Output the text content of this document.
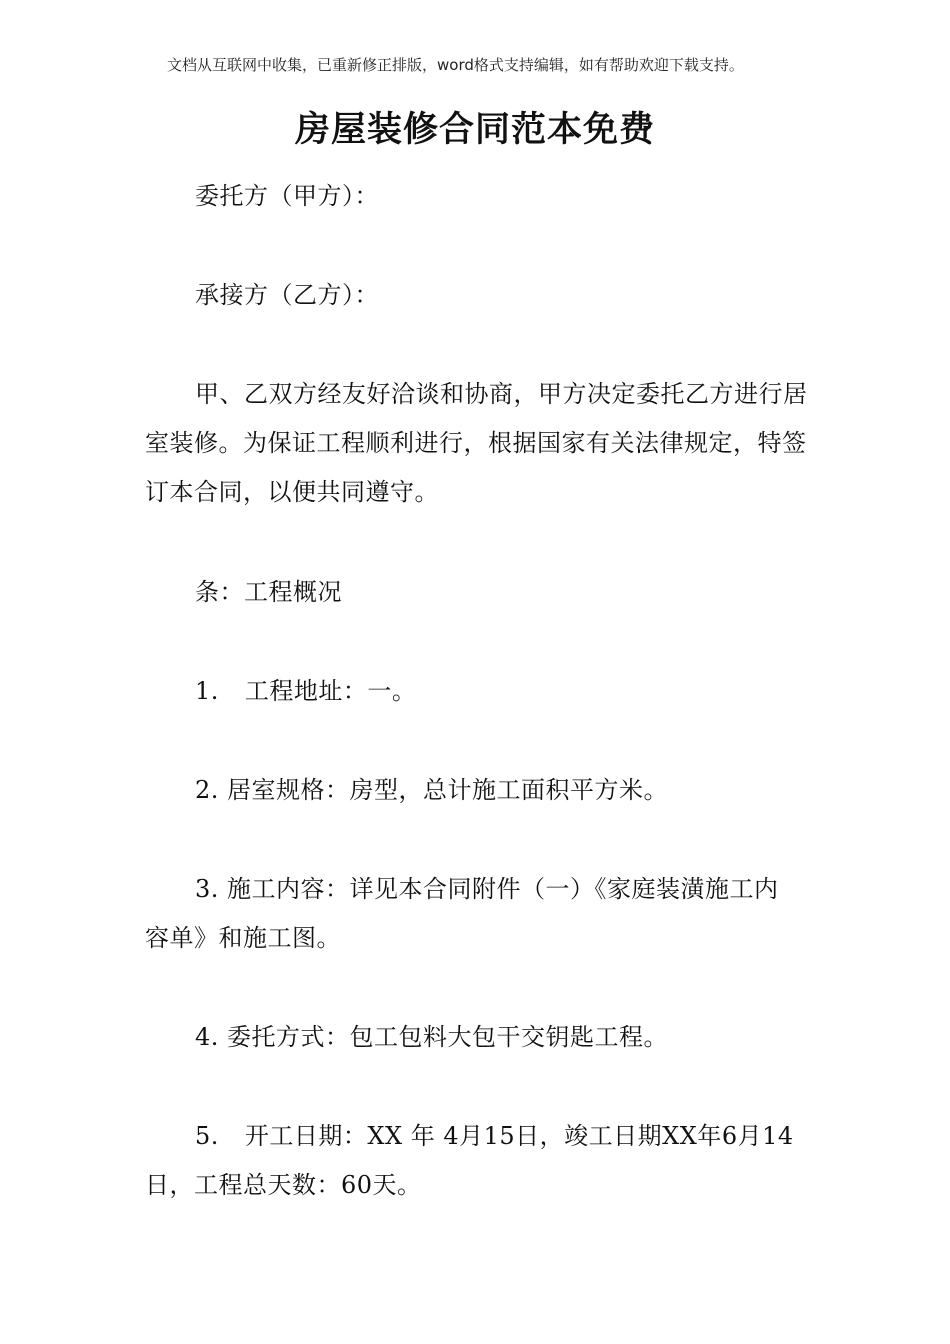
文档从互联网中收集，已重新修正排版，word格式支持编辑，如有帮助欢迎下载支持。
房屋装修合同范本免费
委托方（甲方）：
承接方（乙方）：
甲、乙双方经友好洽谈和协商，甲方决定委托乙方进行居室装修。为保证工程顺利进行，根据国家有关法律规定，特签订本合同，以便共同遵守。
条：工程概况
1. 工程地址：一。
2. 居室规格：房型，总计施工面积平方米。
3. 施工内容：详见本合同附件（一）《家庭装潢施工内 容单》和施工图。
4. 委托方式：包工包料大包干交钥匙工程。
5. 开工日期：XX 年 4月15日，竣工日期XX年6月14 日，工程总天数：60天。
